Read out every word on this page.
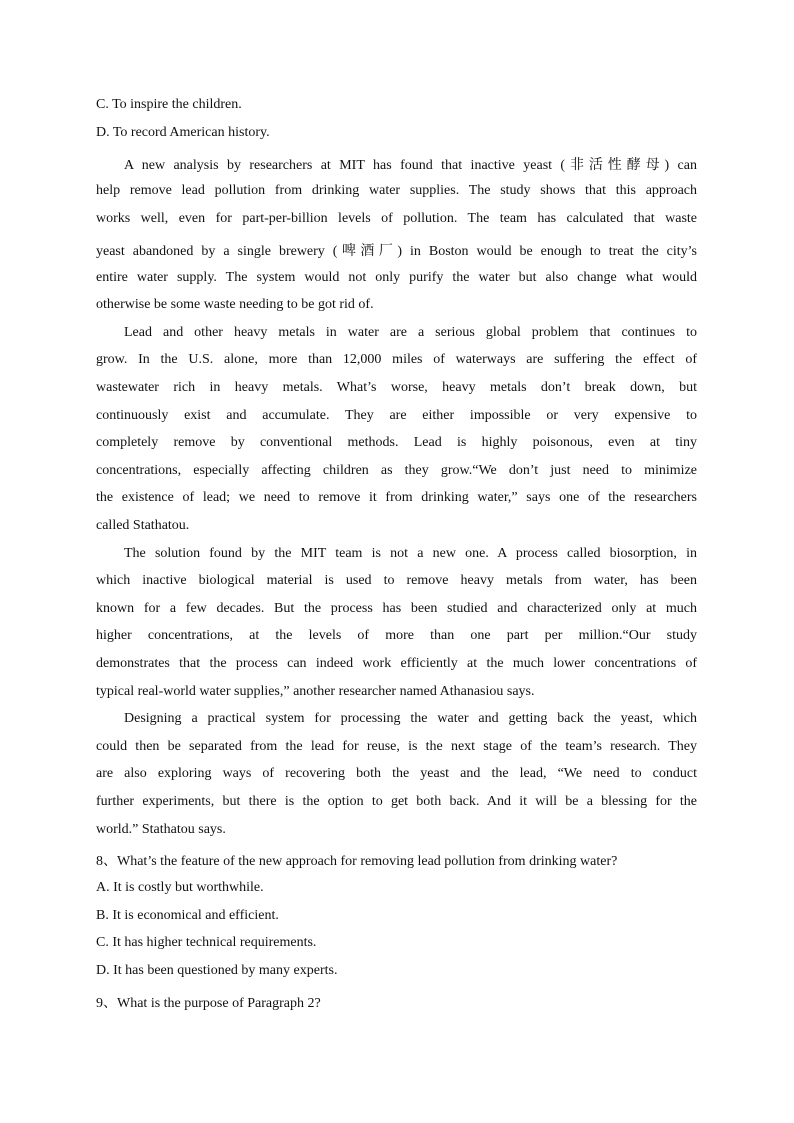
C. To inspire the children.
D. To record American history.
A new analysis by researchers at MIT has found that inactive yeast (非活性酵母) can
help remove lead pollution from drinking water supplies. The study shows that this approach
works well, even for part-per-billion levels of pollution. The team has calculated that waste
yeast abandoned by a single brewery (啤酒厂) in Boston would be enough to treat the city’s
entire water supply. The system would not only purify the water but also change what would
otherwise be some waste needing to be got rid of.
Lead and other heavy metals in water are a serious global problem that continues to
grow. In the U.S. alone, more than 12,000 miles of waterways are suffering the effect of
wastewater rich in heavy metals. What’s worse, heavy metals don’t break down, but
continuously exist and accumulate. They are either impossible or very expensive to
completely remove by conventional methods. Lead is highly poisonous, even at tiny
concentrations, especially affecting children as they grow.“We don’t just need to minimize
the existence of lead; we need to remove it from drinking water,” says one of the researchers
called Stathatou.
The solution found by the MIT team is not a new one. A process called biosorption, in
which inactive biological material is used to remove heavy metals from water, has been
known for a few decades. But the process has been studied and characterized only at much
higher concentrations, at the levels of more than one part per million.“Our study
demonstrates that the process can indeed work efficiently at the much lower concentrations of
typical real-world water supplies,” another researcher named Athanasiou says.
Designing a practical system for processing the water and getting back the yeast, which
could then be separated from the lead for reuse, is the next stage of the team’s research. They
are also exploring ways of recovering both the yeast and the lead, “We need to conduct
further experiments, but there is the option to get both back. And it will be a blessing for the
world.” Stathatou says.
8、What’s the feature of the new approach for removing lead pollution from drinking water?
A. It is costly but worthwhile.
B. It is economical and efficient.
C. It has higher technical requirements.
D. It has been questioned by many experts.
9、What is the purpose of Paragraph 2?
